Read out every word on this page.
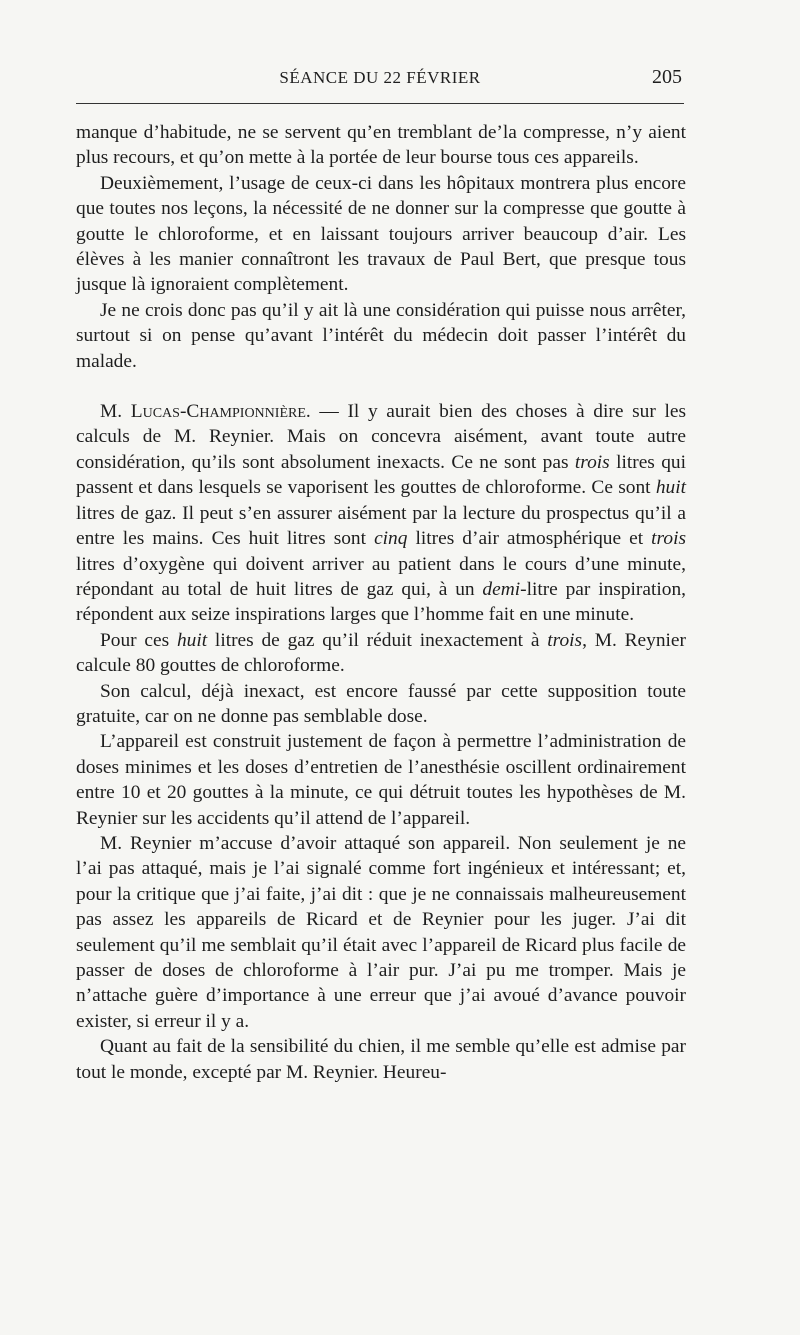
SÉANCE DU 22 FÉVRIER	205

manque d’habitude, ne se servent qu’en tremblant de’la compresse, n’y aient plus recours, et qu’on mette à la portée de leur bourse tous ces appareils.

Deuxièmement, l’usage de ceux-ci dans les hôpitaux montrera plus encore que toutes nos leçons, la nécessité de ne donner sur la compresse que goutte à goutte le chloroforme, et en laissant toujours arriver beaucoup d’air. Les élèves à les manier connaîtront les travaux de Paul Bert, que presque tous jusque là ignoraient complètement.

Je ne crois donc pas qu’il y ait là une considération qui puisse nous arrêter, surtout si on pense qu’avant l’intérêt du médecin doit passer l’intérêt du malade.

M. Lucas-Championnière. — Il y aurait bien des choses à dire sur les calculs de M. Reynier. Mais on concevra aisément, avant toute autre considération, qu’ils sont absolument inexacts. Ce ne sont pas trois litres qui passent et dans lesquels se vaporisent les gouttes de chloroforme. Ce sont huit litres de gaz. Il peut s’en assurer aisément par la lecture du prospectus qu’il a entre les mains. Ces huit litres sont cinq litres d’air atmosphérique et trois litres d’oxygène qui doivent arriver au patient dans le cours d’une minute, répondant au total de huit litres de gaz qui, à un demi-litre par inspiration, répondent aux seize inspirations larges que l’homme fait en une minute.

Pour ces huit litres de gaz qu’il réduit inexactement à trois, M. Reynier calcule 80 gouttes de chloroforme.

Son calcul, déjà inexact, est encore faussé par cette supposition toute gratuite, car on ne donne pas semblable dose.

L’appareil est construit justement de façon à permettre l’administration de doses minimes et les doses d’entretien de l’anesthésie oscillent ordinairement entre 10 et 20 gouttes à la minute, ce qui détruit toutes les hypothèses de M. Reynier sur les accidents qu’il attend de l’appareil.

M. Reynier m’accuse d’avoir attaqué son appareil. Non seulement je ne l’ai pas attaqué, mais je l’ai signalé comme fort ingénieux et intéressant; et, pour la critique que j’ai faite, j’ai dit : que je ne connaissais malheureusement pas assez les appareils de Ricard et de Reynier pour les juger. J’ai dit seulement qu’il me semblait qu’il était avec l’appareil de Ricard plus facile de passer de doses de chloroforme à l’air pur. J’ai pu me tromper. Mais je n’attache guère d’importance à une erreur que j’ai avoué d’avance pouvoir exister, si erreur il y a.

Quant au fait de la sensibilité du chien, il me semble qu’elle est admise par tout le monde, excepté par M. Reynier. Heureu-
